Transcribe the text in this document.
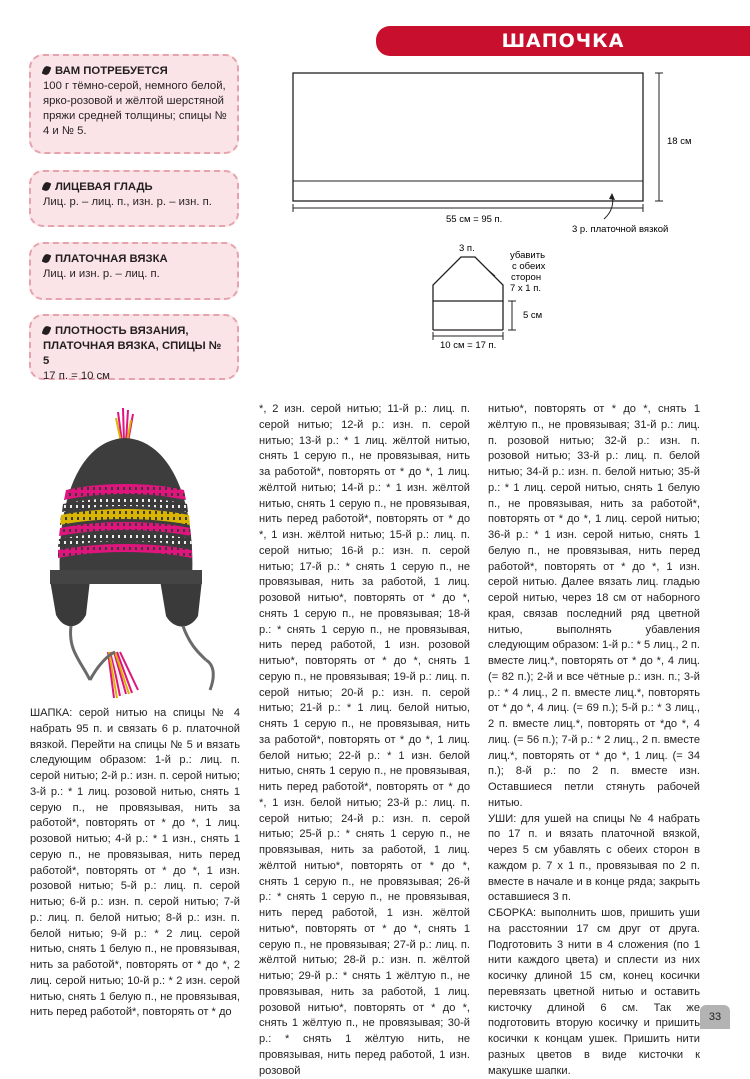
ШАПОЧКА
ВАМ ПОТРЕБУЕТСЯ
100 г тёмно-серой, немного белой, ярко-розовой и жёлтой шерстяной пряжи средней толщины; спицы № 4 и № 5.
ЛИЦЕВАЯ ГЛАДЬ
Лиц. р. – лиц. п., изн. р. – изн. п.
ПЛАТОЧНАЯ ВЯЗКА
Лиц. и изн. р. – лиц. п.
ПЛОТНОСТЬ ВЯЗАНИЯ,
ПЛАТОЧНАЯ ВЯЗКА, СПИЦЫ № 5
17 п. = 10 см
18 см
55 см = 95 п.
3 р. платочной вязкой
3 п.
убавить
с обеих
сторон
7 х 1 п.
5 см
10 см = 17 п.

ШАПКА: серой нитью на спицы № 4 набрать 95 п. и связать 6 р. платочной вязкой. Перейти на спицы № 5 и вязать следующим образом: 1-й р.: лиц. п. серой нитью; 2-й р.: изн. п. серой нитью; 3-й р.: * 1 лиц. розовой нитью, снять 1 серую п., не провязывая, нить за работой*, повторять от * до *, 1 лиц. розовой нитью; 4-й р.: * 1 изн., снять 1 серую п., не провязывая, нить перед работой*, повторять от * до *, 1 изн. розовой нитью; 5-й р.: лиц. п. серой нитью; 6-й р.: изн. п. серой нитью; 7-й р.: лиц. п. белой нитью; 8-й р.: изн. п. белой нитью; 9-й р.: * 2 лиц. серой нитью, снять 1 белую п., не провязывая, нить за работой*, повторять от * до *, 2 лиц. серой нитью; 10-й р.: * 2 изн. серой нитью, снять 1 белую п., не провязывая, нить перед работой*, повторять от * до

*, 2 изн. серой нитью; 11-й р.: лиц. п. серой нитью; 12-й р.: изн. п. серой нитью; 13-й р.: * 1 лиц. жёлтой нитью, снять 1 серую п., не провязывая, нить за работой*, повторять от * до *, 1 лиц. жёлтой нитью; 14-й р.: * 1 изн. жёлтой нитью, снять 1 серую п., не провязывая, нить перед работой*, повторять от * до *, 1 изн. жёлтой нитью; 15-й р.: лиц. п. серой нитью; 16-й р.: изн. п. серой нитью; 17-й р.: * снять 1 серую п., не провязывая, нить за работой, 1 лиц. розовой нитью*, повторять от * до *, снять 1 серую п., не провязывая; 18-й р.: * снять 1 серую п., не провязывая, нить перед работой, 1 изн. розовой нитью*, повторять от * до *, снять 1 серую п., не провязывая; 19-й р.: лиц. п. серой нитью; 20-й р.: изн. п. серой нитью; 21-й р.: * 1 лиц. белой нитью, снять 1 серую п., не провязывая, нить за работой*, повторять от * до *, 1 лиц. белой нитью; 22-й р.: * 1 изн. белой нитью, снять 1 серую п., не провязывая, нить перед работой*, повторять от * до *, 1 изн. белой нитью; 23-й р.: лиц. п. серой нитью; 24-й р.: изн. п. серой нитью; 25-й р.: * снять 1 серую п., не провязывая, нить за работой, 1 лиц. жёлтой нитью*, повторять от * до *, снять 1 серую п., не провязывая; 26-й р.: * снять 1 серую п., не провязывая, нить перед работой, 1 изн. жёлтой нитью*, повторять от * до *, снять 1 серую п., не провязывая; 27-й р.: лиц. п. жёлтой нитью; 28-й р.: изн. п. жёлтой нитью; 29-й р.: * снять 1 жёлтую п., не провязывая, нить за работой, 1 лиц. розовой нитью*, повторять от * до *, снять 1 жёлтую п., не провязывая; 30-й р.: * снять 1 жёлтую нить, не провязывая, нить перед работой, 1 изн. розовой

нитью*, повторять от * до *, снять 1 жёлтую п., не провязывая; 31-й р.: лиц. п. розовой нитью; 32-й р.: изн. п. розовой нитью; 33-й р.: лиц. п. белой нитью; 34-й р.: изн. п. белой нитью; 35-й р.: * 1 лиц. серой нитью, снять 1 белую п., не провязывая, нить за работой*, повторять от * до *, 1 лиц. серой нитью; 36-й р.: * 1 изн. серой нитью, снять 1 белую п., не провязывая, нить перед работой*, повторять от * до *, 1 изн. серой нитью. Далее вязать лиц. гладью серой нитью, через 18 см от наборного края, связав последний ряд цветной нитью, выполнять убавления следующим образом: 1-й р.: * 5 лиц., 2 п. вместе лиц.*, повторять от * до *, 4 лиц. (= 82 п.); 2-й и все чётные р.: изн. п.; 3-й р.: * 4 лиц., 2 п. вместе лиц.*, повторять от * до *, 4 лиц. (= 69 п.); 5-й р.: * 3 лиц., 2 п. вместе лиц.*, повторять от *до *, 4 лиц. (= 56 п.); 7-й р.: * 2 лиц., 2 п. вместе лиц.*, повторять от * до *, 1 лиц. (= 34 п.); 8-й р.: по 2 п. вместе изн. Оставшиеся петли стянуть рабочей нитью.

УШИ: для ушей на спицы № 4 набрать по 17 п. и вязать платочной вязкой, через 5 см убавлять с обеих сторон в каждом р. 7 х 1 п., провязывая по 2 п. вместе в начале и в конце ряда; закрыть оставшиеся 3 п.

СБОРКА: выполнить шов, пришить уши на расстоянии 17 см друг от друга. Подготовить 3 нити в 4 сложения (по 1 нити каждого цвета) и сплести из них косичку длиной 15 см, конец косички перевязать цветной нитью и оставить кисточку длиной 6 см. Так же подготовить вторую косичку и пришить косички к концам ушек. Пришить нити разных цветов в виде кисточки к макушке шапки.

33
